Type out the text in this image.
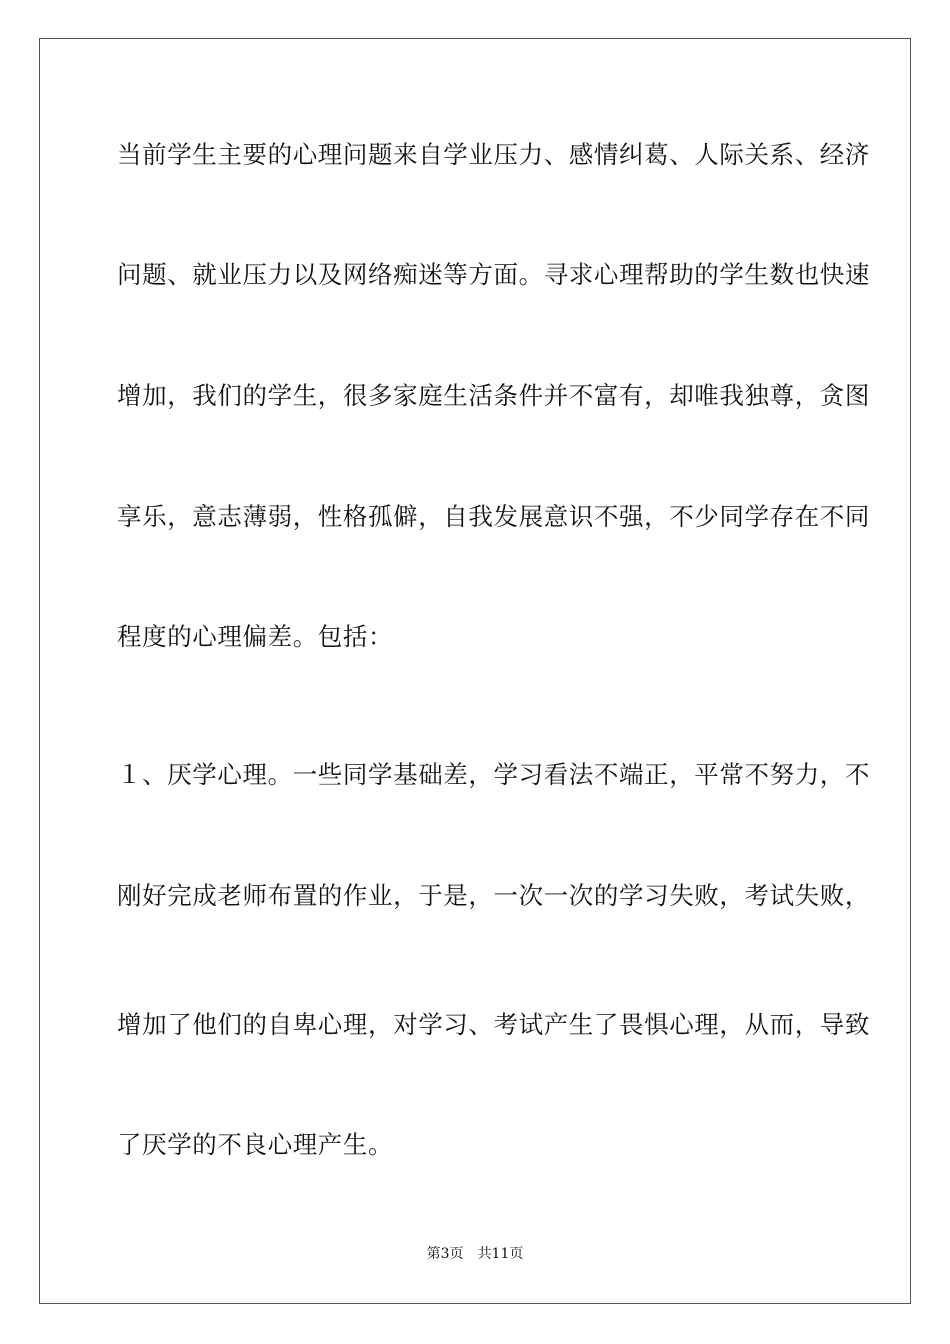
当前学生主要的心理问题来自学业压力、感情纠葛、人际关系、经济
问题、就业压力以及网络痴迷等方面。寻求心理帮助的学生数也快速
增加，我们的学生，很多家庭生活条件并不富有，却唯我独尊，贪图
享乐，意志薄弱，性格孤僻，自我发展意识不强，不少同学存在不同
程度的心理偏差。包括：
１、厌学心理。一些同学基础差，学习看法不端正，平常不努力，不
刚好完成老师布置的作业，于是，一次一次的学习失败，考试失败，
增加了他们的自卑心理，对学习、考试产生了畏惧心理，从而，导致
了厌学的不良心理产生。
第3页 共11页
